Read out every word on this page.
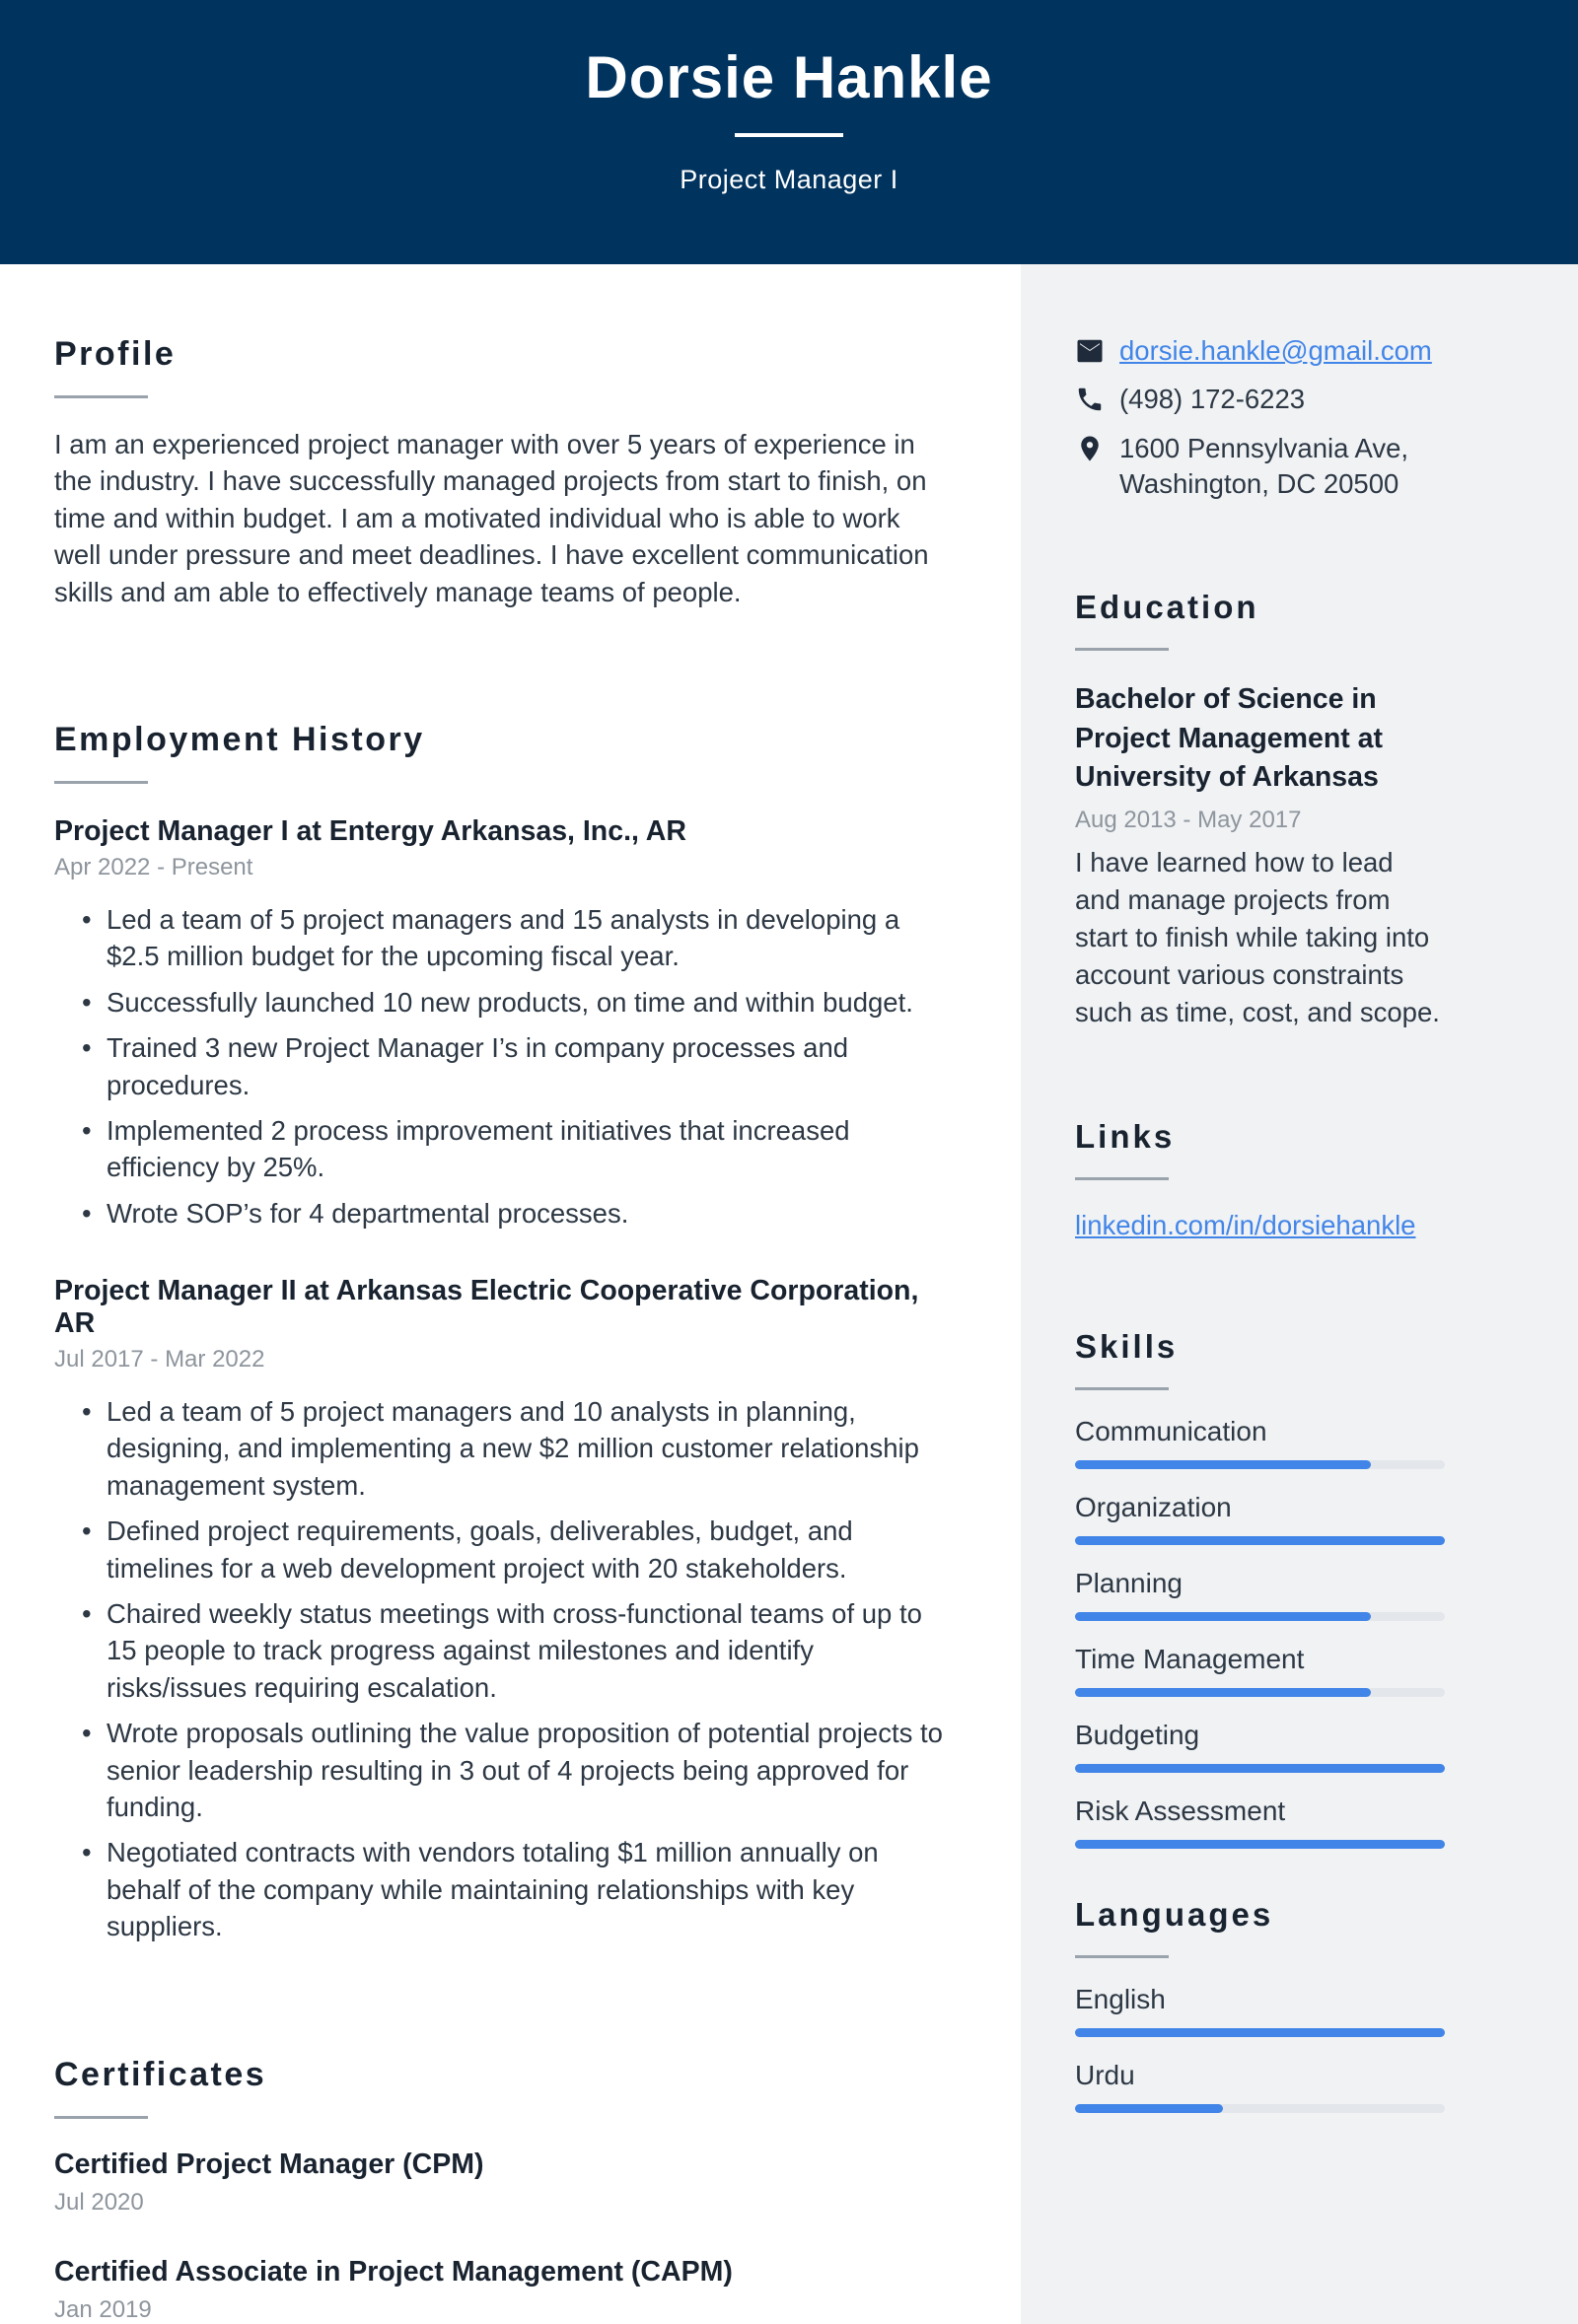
Dorsie Hankle
Project Manager I
Profile

I am an experienced project manager with over 5 years of experience in the industry. I have successfully managed projects from start to finish, on time and within budget. I am a motivated individual who is able to work well under pressure and meet deadlines. I have excellent communication skills and am able to effectively manage teams of people.

Employment History
Project Manager I at Entergy Arkansas, Inc., AR
Apr 2022 - Present
• Led a team of 5 project managers and 15 analysts in developing a $2.5 million budget for the upcoming fiscal year.
• Successfully launched 10 new products, on time and within budget.
• Trained 3 new Project Manager I’s in company processes and procedures.
• Implemented 2 process improvement initiatives that increased efficiency by 25%.
• Wrote SOP’s for 4 departmental processes.
Project Manager II at Arkansas Electric Cooperative Corporation, AR
Jul 2017 - Mar 2022
• Led a team of 5 project managers and 10 analysts in planning, designing, and implementing a new $2 million customer relationship management system.
• Defined project requirements, goals, deliverables, budget, and timelines for a web development project with 20 stakeholders.
• Chaired weekly status meetings with cross-functional teams of up to 15 people to track progress against milestones and identify risks/issues requiring escalation.
• Wrote proposals outlining the value proposition of potential projects to senior leadership resulting in 3 out of 4 projects being approved for funding.
• Negotiated contracts with vendors totaling $1 million annually on behalf of the company while maintaining relationships with key suppliers.
Certificates
Certified Project Manager (CPM)
Jul 2020
Certified Associate in Project Management (CAPM)
Jan 2019
dorsie.hankle@gmail.com
(498) 172-6223
1600 Pennsylvania Ave,
Washington, DC 20500
Education
Bachelor of Science in Project Management at University of Arkansas
Aug 2013 - May 2017
I have learned how to lead and manage projects from start to finish while taking into account various constraints such as time, cost, and scope.
Links
linkedin.com/in/dorsiehankle
Skills
Communication
Organization
Planning
Time Management
Budgeting
Risk Assessment
Languages
English
Urdu
